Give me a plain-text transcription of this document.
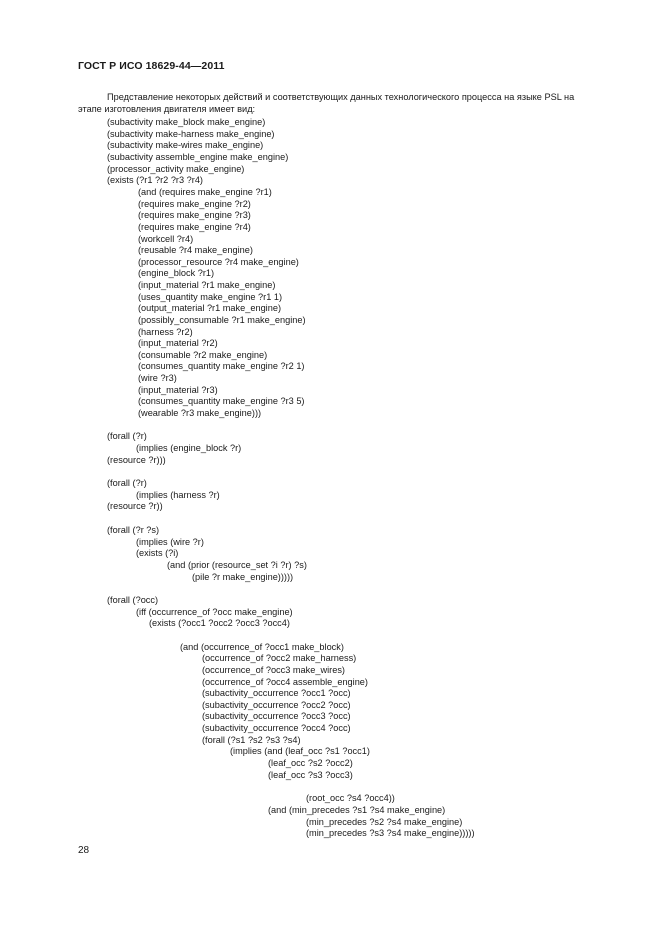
ГОСТ Р ИСО 18629-44—2011
Представление некоторых действий и соответствующих данных технологического процесса на языке PSL на
этапе изготовления двигателя имеет вид:
(subactivity make_block make_engine)
(subactivity make-harness make_engine)
(subactivity make-wires make_engine)
(subactivity assemble_engine make_engine)
(processor_activity make_engine)
(exists (?r1 ?r2 ?r3 ?r4)
(and (requires make_engine ?r1)
(requires make_engine ?r2)
(requires make_engine ?r3)
(requires make_engine ?r4)
(workcell ?r4)
(reusable ?r4 make_engine)
(processor_resource ?r4 make_engine)
(engine_block ?r1)
(input_material ?r1 make_engine)
(uses_quantity make_engine ?r1 1)
(output_material ?r1 make_engine)
(possibly_consumable ?r1 make_engine)
(harness ?r2)
(input_material ?r2)
(consumable ?r2 make_engine)
(consumes_quantity make_engine ?r2 1)
(wire ?r3)
(input_material ?r3)
(consumes_quantity make_engine ?r3 5)
(wearable ?r3 make_engine)))
(forall (?r)
(implies (engine_block ?r)
(resource ?r)))
(forall (?r)
(implies (harness ?r)
(resource ?r))
(forall (?r ?s)
(implies (wire ?r)
(exists (?i)
(and (prior (resource_set ?i ?r) ?s)
(pile ?r make_engine)))))
(forall (?occ)
(iff (occurrence_of ?occ make_engine)
(exists (?occ1 ?occ2 ?occ3 ?occ4)
(and (occurrence_of ?occ1 make_block)
(occurrence_of ?occ2 make_harness)
(occurrence_of ?occ3 make_wires)
(occurrence_of ?occ4 assemble_engine)
(subactivity_occurrence ?occ1 ?occ)
(subactivity_occurrence ?occ2 ?occ)
(subactivity_occurrence ?occ3 ?occ)
(subactivity_occurrence ?occ4 ?occ)
(forall (?s1 ?s2 ?s3 ?s4)
(implies (and (leaf_occ ?s1 ?occ1)
(leaf_occ ?s2 ?occ2)
(leaf_occ ?s3 ?occ3)
(root_occ ?s4 ?occ4))
(and (min_precedes ?s1 ?s4 make_engine)
(min_precedes ?s2 ?s4 make_engine)
(min_precedes ?s3 ?s4 make_engine)))))
28
